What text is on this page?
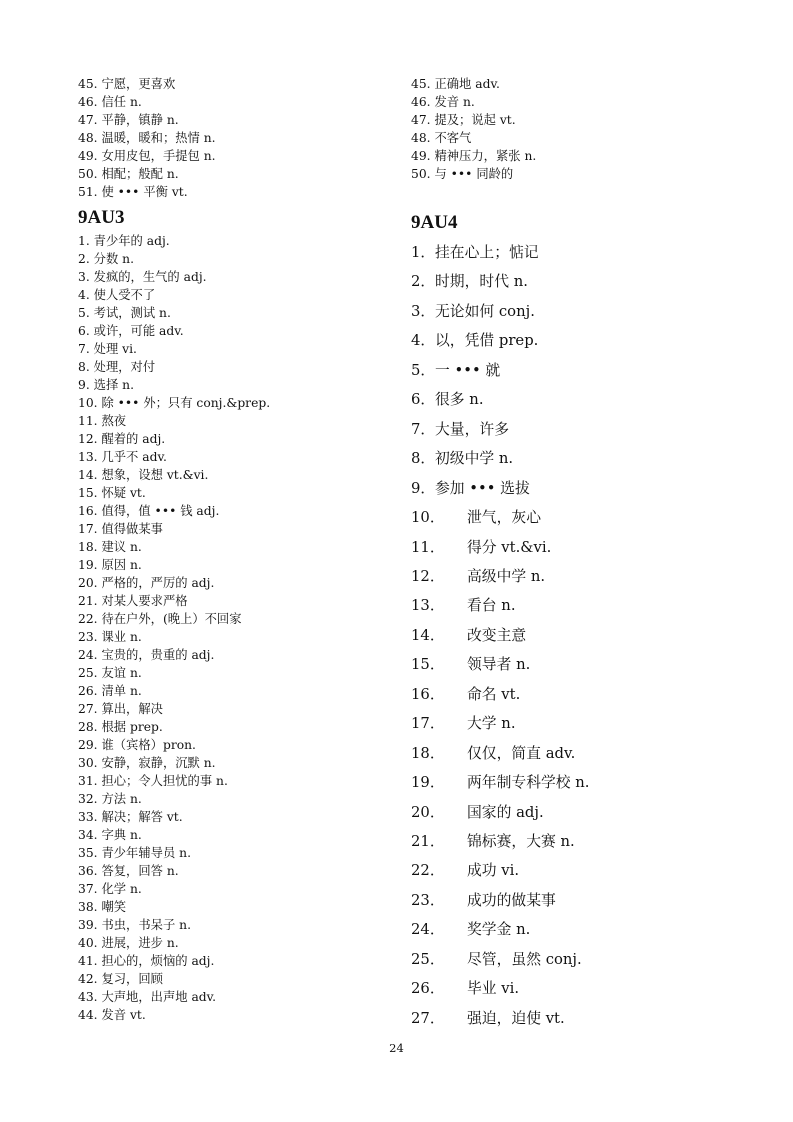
45. 宁愿，更喜欢
46. 信任 n.
47. 平静，镇静 n.
48. 温暖，暖和；热情 n.
49. 女用皮包，手提包 n.
50. 相配；般配 n.
51. 使 ••• 平衡 vt.
9AU3
1. 青少年的 adj.
2. 分数 n.
3. 发疯的，生气的 adj.
4. 使人受不了
5. 考试，测试 n.
6. 或许，可能 adv.
7. 处理 vi.
8. 处理，对付
9. 选择 n.
10. 除 ••• 外；只有 conj.&prep.
11. 熬夜
12. 醒着的 adj.
13. 几乎不 adv.
14. 想象，设想 vt.&vi.
15. 怀疑 vt.
16. 值得，值 ••• 钱 adj.
17. 值得做某事
18. 建议 n.
19. 原因 n.
20. 严格的，严厉的 adj.
21. 对某人要求严格
22. 待在户外，(晚上）不回家
23. 课业 n.
24. 宝贵的，贵重的 adj.
25. 友谊 n.
26. 清单 n.
27. 算出，解决
28. 根据 prep.
29. 谁（宾格）pron.
30. 安静，寂静，沉默 n.
31. 担心；令人担忧的事 n.
32. 方法 n.
33. 解决；解答 vt.
34. 字典 n.
35. 青少年辅导员 n.
36. 答复，回答 n.
37. 化学 n.
38. 嘲笑
39. 书虫，书呆子 n.
40. 进展，进步 n.
41. 担心的，烦恼的 adj.
42. 复习，回顾
43. 大声地，出声地 adv.
44. 发音 vt.
45. 正确地 adv.
46. 发音 n.
47. 提及；说起 vt.
48. 不客气
49. 精神压力，紧张 n.
50. 与 ••• 同龄的
9AU4
1．挂在心上；惦记
2．时期，时代 n.
3．无论如何 conj.
4．以，凭借 prep.
5．一 ••• 就
6．很多 n.
7．大量，许多
8．初级中学 n.
9．参加 ••• 选拔
10． 泄气，灰心
11． 得分 vt.&vi.
12． 高级中学 n.
13． 看台 n.
14． 改变主意
15． 领导者 n.
16． 命名 vt.
17． 大学 n.
18． 仅仅，简直 adv.
19． 两年制专科学校 n.
20． 国家的 adj.
21． 锦标赛，大赛 n.
22． 成功 vi.
23． 成功的做某事
24． 奖学金 n.
25． 尽管，虽然 conj.
26． 毕业 vi.
27． 强迫，迫使 vt.
24
